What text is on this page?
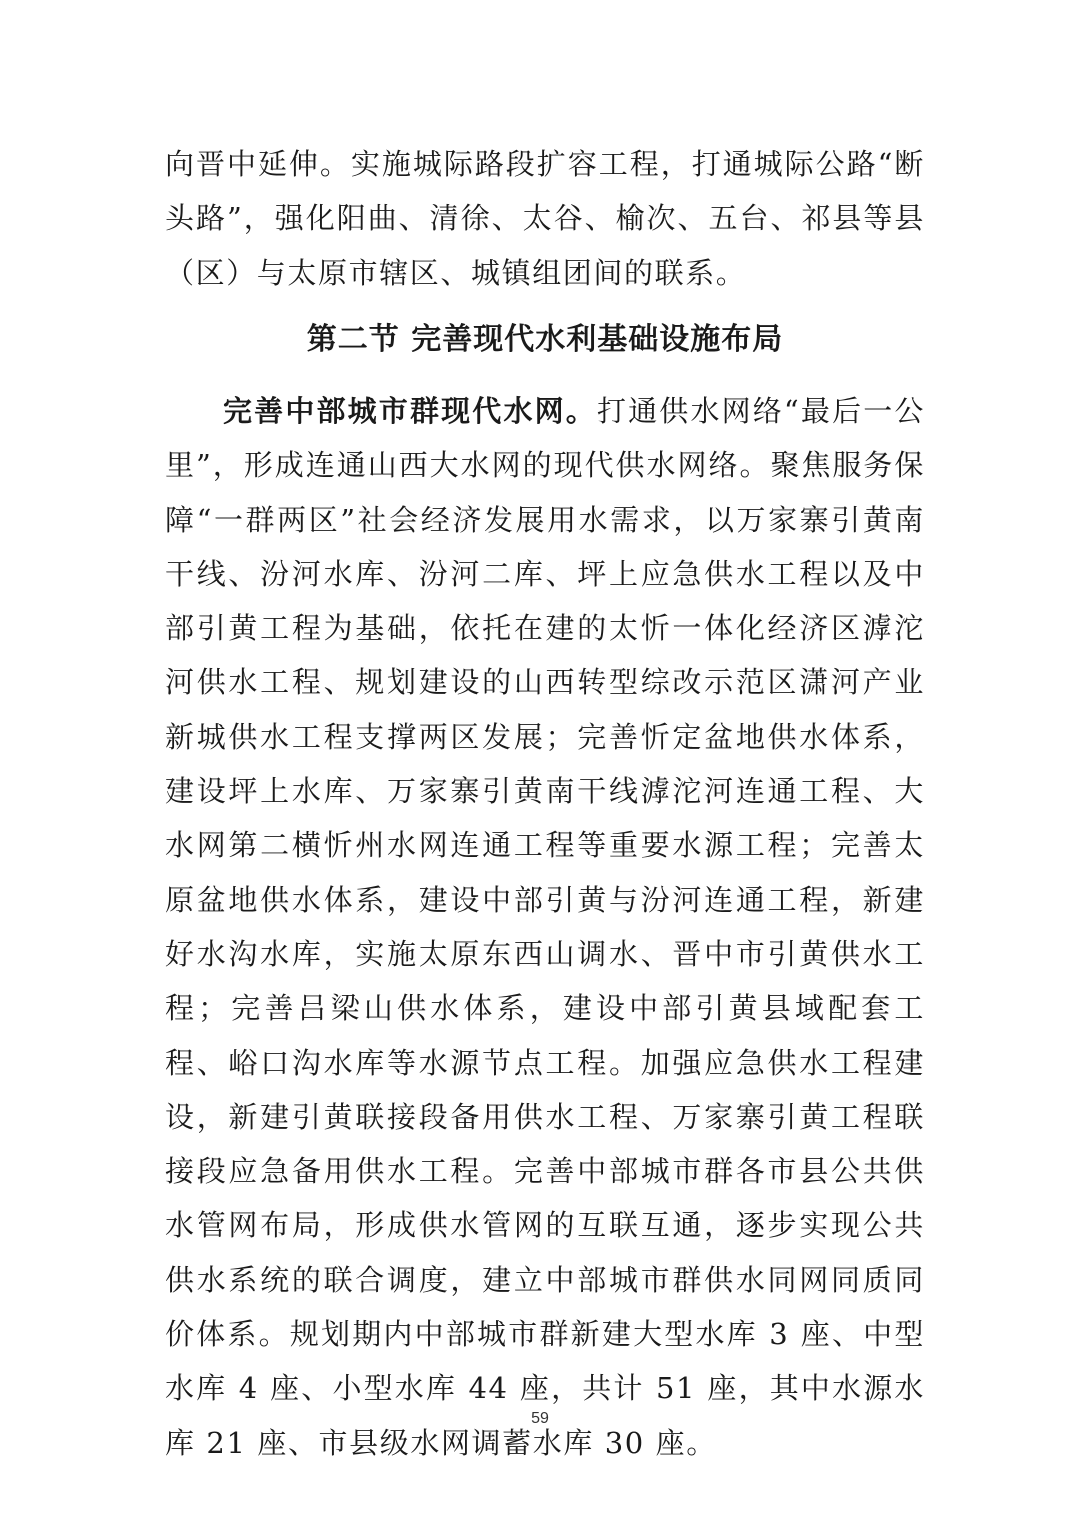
向晋中延伸。实施城际路段扩容工程，打通城际公路“断头路”，强化阳曲、清徐、太谷、榆次、五台、祁县等县（区）与太原市辖区、城镇组团间的联系。

第二节 完善现代水利基础设施布局

完善中部城市群现代水网。打通供水网络“最后一公里”，形成连通山西大水网的现代供水网络。聚焦服务保障“一群两区”社会经济发展用水需求，以万家寨引黄南干线、汾河水库、汾河二库、坪上应急供水工程以及中部引黄工程为基础，依托在建的太忻一体化经济区滹沱河供水工程、规划建设的山西转型综改示范区潇河产业新城供水工程支撑两区发展；完善忻定盆地供水体系，建设坪上水库、万家寨引黄南干线滹沱河连通工程、大水网第二横忻州水网连通工程等重要水源工程；完善太原盆地供水体系，建设中部引黄与汾河连通工程，新建好水沟水库，实施太原东西山调水、晋中市引黄供水工程；完善吕梁山供水体系，建设中部引黄县域配套工程、峪口沟水库等水源节点工程。加强应急供水工程建设，新建引黄联接段备用供水工程、万家寨引黄工程联接段应急备用供水工程。完善中部城市群各市县公共供水管网布局，形成供水管网的互联互通，逐步实现公共供水系统的联合调度，建立中部城市群供水同网同质同价体系。规划期内中部城市群新建大型水库 3 座、中型水库 4 座、小型水库 44 座，共计 51 座，其中水源水库 21 座、市县级水网调蓄水库 30 座。

59
